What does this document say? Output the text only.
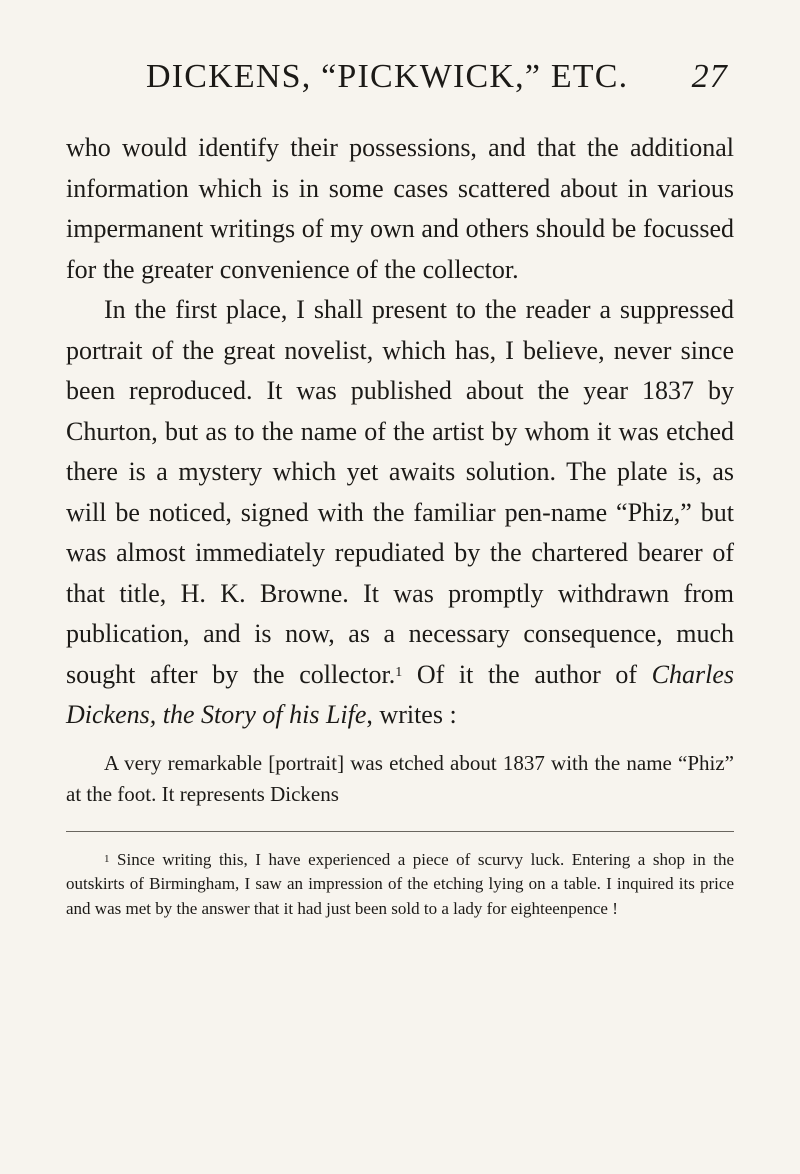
DICKENS, “PICKWICK,” ETC. 27

who would identify their possessions, and that the additional information which is in some cases scattered about in various impermanent writings of my own and others should be focussed for the greater convenience of the collector.

In the first place, I shall present to the reader a suppressed portrait of the great novelist, which has, I believe, never since been reproduced. It was published about the year 1837 by Churton, but as to the name of the artist by whom it was etched there is a mystery which yet awaits solution. The plate is, as will be noticed, signed with the familiar pen-name “Phiz,” but was almost immediately repudiated by the chartered bearer of that title, H. K. Browne. It was promptly withdrawn from publication, and is now, as a necessary consequence, much sought after by the collector.$^1$ Of it the author of Charles Dickens, the Story of his Life, writes :

A very remarkable [portrait] was etched about 1837 with the name “Phiz” at the foot. It represents Dickens

$^1$ Since writing this, I have experienced a piece of scurvy luck. Entering a shop in the outskirts of Birmingham, I saw an impression of the etching lying on a table. I inquired its price and was met by the answer that it had just been sold to a lady for eighteenpence !
